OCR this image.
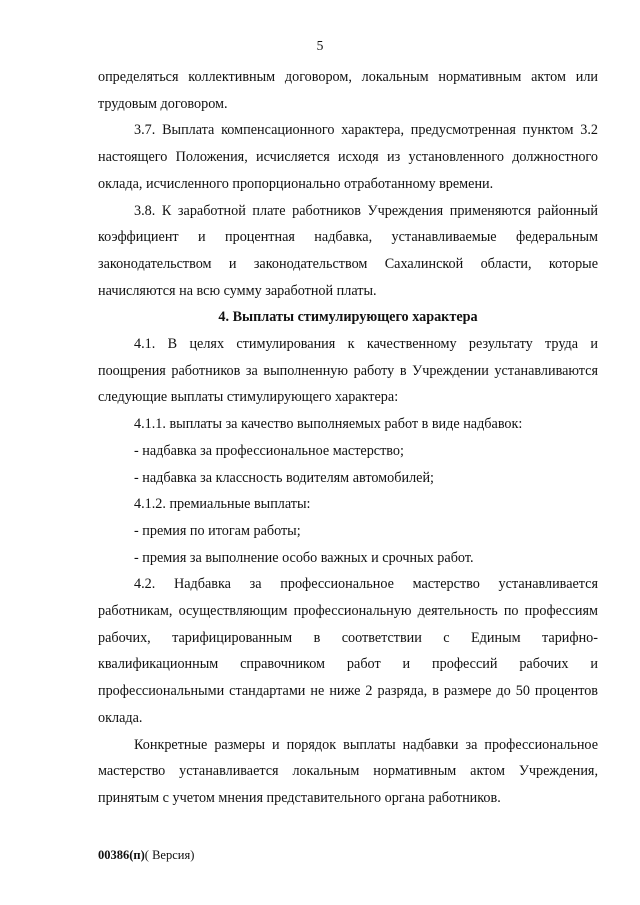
5

определяться коллективным договором, локальным нормативным актом или трудовым договором.

3.7. Выплата компенсационного характера, предусмотренная пунктом 3.2 настоящего Положения, исчисляется исходя из установленного должностного оклада, исчисленного пропорционально отработанному времени.

3.8. К заработной плате работников Учреждения применяются районный коэффициент и процентная надбавка, устанавливаемые федеральным законодательством и законодательством Сахалинской области, которые начисляются на всю сумму заработной платы.

4. Выплаты стимулирующего характера

4.1. В целях стимулирования к качественному результату труда и поощрения работников за выполненную работу в Учреждении устанавливаются следующие выплаты стимулирующего характера:

4.1.1. выплаты за качество выполняемых работ в виде надбавок:

- надбавка за профессиональное мастерство;

- надбавка за классность водителям автомобилей;

4.1.2. премиальные выплаты:

- премия по итогам работы;

- премия за выполнение особо важных и срочных работ.

4.2. Надбавка за профессиональное мастерство устанавливается работникам, осуществляющим профессиональную деятельность по профессиям рабочих, тарифицированным в соответствии с Единым тарифно-квалификационным справочником работ и профессий рабочих и профессиональными стандартами не ниже 2 разряда, в размере до 50 процентов оклада.

Конкретные размеры и порядок выплаты надбавки за профессиональное мастерство устанавливается локальным нормативным актом Учреждения, принятым с учетом мнения представительного органа работников.

00386(п)( Версия)
